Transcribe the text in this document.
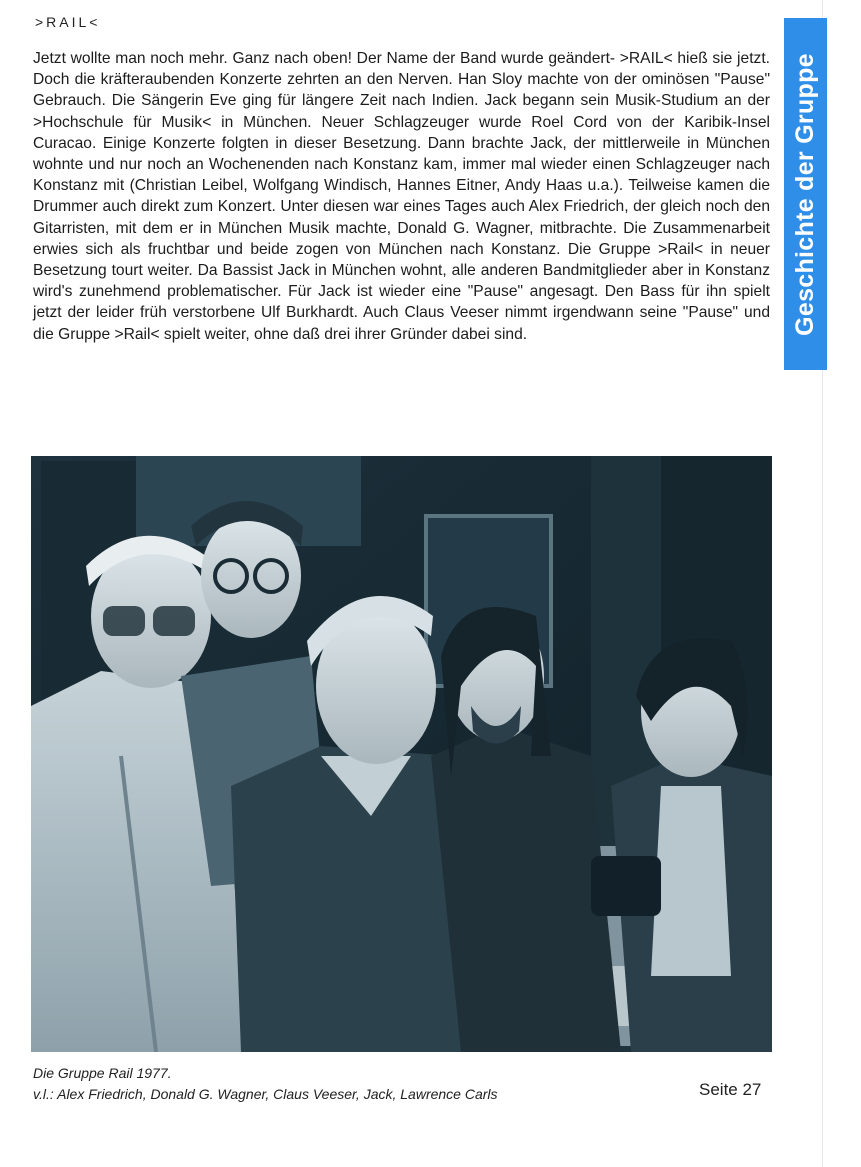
>RAIL<
Geschichte der Gruppe
Jetzt wollte man noch mehr. Ganz nach oben! Der Name der Band wurde geändert- >RAIL< hieß sie jetzt. Doch die kräfteraubenden Konzerte zehrten an den Nerven. Han Sloy machte von der ominösen "Pause" Gebrauch. Die Sängerin Eve ging für längere Zeit nach Indien. Jack begann sein Musik-Studium an der >Hochschule für Musik< in München. Neuer Schlagzeuger wurde Roel Cord von der Karibik-Insel Curacao. Einige Konzerte folgten in dieser Besetzung. Dann brachte Jack, der mittlerweile in München wohnte und nur noch an Wochenenden nach Konstanz kam, immer mal wieder einen Schlagzeuger nach Konstanz mit (Christian Leibel, Wolfgang Windisch, Hannes Eitner, Andy Haas u.a.). Teilweise kamen die Drummer auch direkt zum Konzert. Unter diesen war eines Tages auch Alex Friedrich, der gleich noch den Gitarristen, mit dem er in München Musik machte, Donald G. Wagner, mitbrachte. Die Zusammenarbeit erwies sich als fruchtbar und beide zogen von München nach Konstanz. Die Gruppe >Rail< in neuer Besetzung tourt weiter. Da Bassist Jack in München wohnt, alle anderen Bandmitglieder aber in Konstanz wird's zunehmend problematischer. Für Jack ist wieder eine "Pause" angesagt. Den Bass für ihn spielt jetzt der leider früh verstorbene Ulf Burkhardt. Auch Claus Veeser nimmt irgendwann seine "Pause" und die Gruppe >Rail< spielt weiter, ohne daß drei ihrer Gründer dabei sind.
Die Gruppe Rail 1977.
v.l.: Alex Friedrich, Donald G. Wagner, Claus Veeser, Jack, Lawrence Carls	Seite 27
